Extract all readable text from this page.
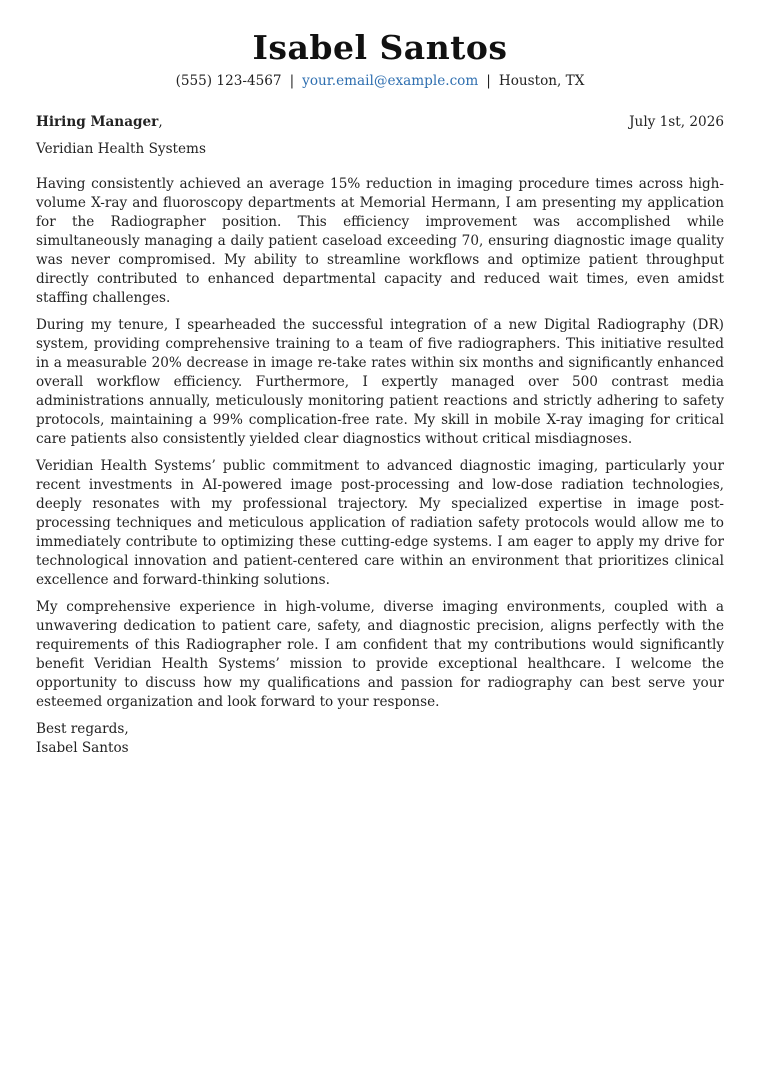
Isabel Santos
(555) 123-4567 | your.email@example.com | Houston, TX
Hiring Manager,	July 1st, 2026
Veridian Health Systems

Having consistently achieved an average 15% reduction in imaging procedure times across high-volume X-ray and fluoroscopy departments at Memorial Hermann, I am presenting my application for the Radiographer position. This efficiency improvement was accomplished while simultaneously managing a daily patient caseload exceeding 70, ensuring diagnostic image quality was never compromised. My ability to streamline workflows and optimize patient throughput directly contributed to enhanced departmental capacity and reduced wait times, even amidst staffing challenges.

During my tenure, I spearheaded the successful integration of a new Digital Radiography (DR) system, providing comprehensive training to a team of five radiographers. This initiative resulted in a measurable 20% decrease in image re-take rates within six months and significantly enhanced overall workflow efficiency. Furthermore, I expertly managed over 500 contrast media administrations annually, meticulously monitoring patient reactions and strictly adhering to safety protocols, maintaining a 99% complication-free rate. My skill in mobile X-ray imaging for critical care patients also consistently yielded clear diagnostics without critical misdiagnoses.

Veridian Health Systems’ public commitment to advanced diagnostic imaging, particularly your recent investments in AI-powered image post-processing and low-dose radiation technologies, deeply resonates with my professional trajectory. My specialized expertise in image post-processing techniques and meticulous application of radiation safety protocols would allow me to immediately contribute to optimizing these cutting-edge systems. I am eager to apply my drive for technological innovation and patient-centered care within an environment that prioritizes clinical excellence and forward-thinking solutions.

My comprehensive experience in high-volume, diverse imaging environments, coupled with a unwavering dedication to patient care, safety, and diagnostic precision, aligns perfectly with the requirements of this Radiographer role. I am confident that my contributions would significantly benefit Veridian Health Systems’ mission to provide exceptional healthcare. I welcome the opportunity to discuss how my qualifications and passion for radiography can best serve your esteemed organization and look forward to your response.

Best regards,
Isabel Santos
